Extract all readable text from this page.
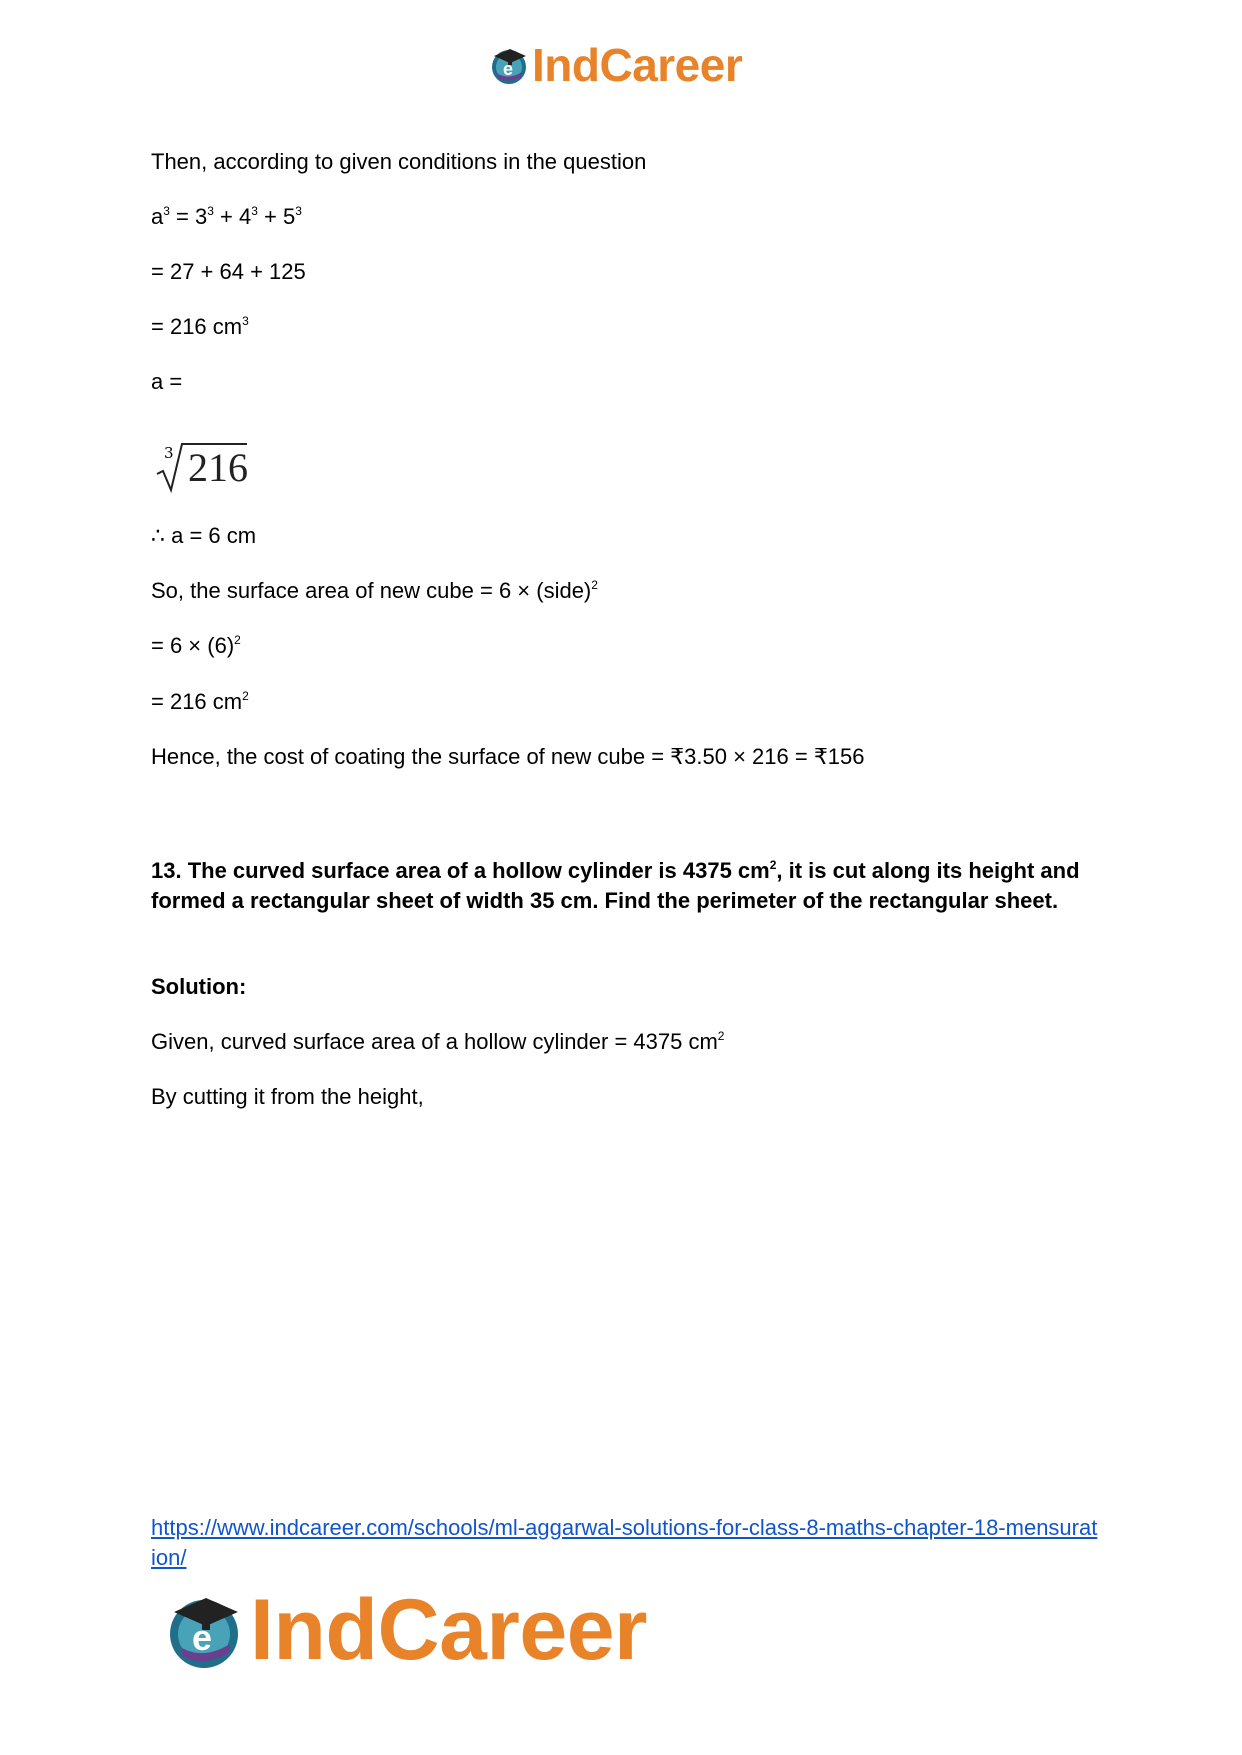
e IndCareer
Then, according to given conditions in the question
$a^3 = 3^3 + 4^3 + 5^3$
= 27 + 64 + 125
= 216 $cm^3$
a =
3 216
∴ a = 6 cm
So, the surface area of new cube = 6 × (side)$^2$
= $6 \times (6)^2$
= 216 $cm^2$
Hence, the cost of coating the surface of new cube = ₹3.50 × 216 = ₹156
13. The curved surface area of a hollow cylinder is 4375 $cm^2$, it is cut along its height and formed a rectangular sheet of width 35 cm. Find the perimeter of the rectangular sheet.
Solution:
Given, curved surface area of a hollow cylinder = 4375 $cm^2$
By cutting it from the height,
https://www.indcareer.com/schools/ml-aggarwal-solutions-for-class-8-maths-chapter-18-mensuration/
e IndCareer
